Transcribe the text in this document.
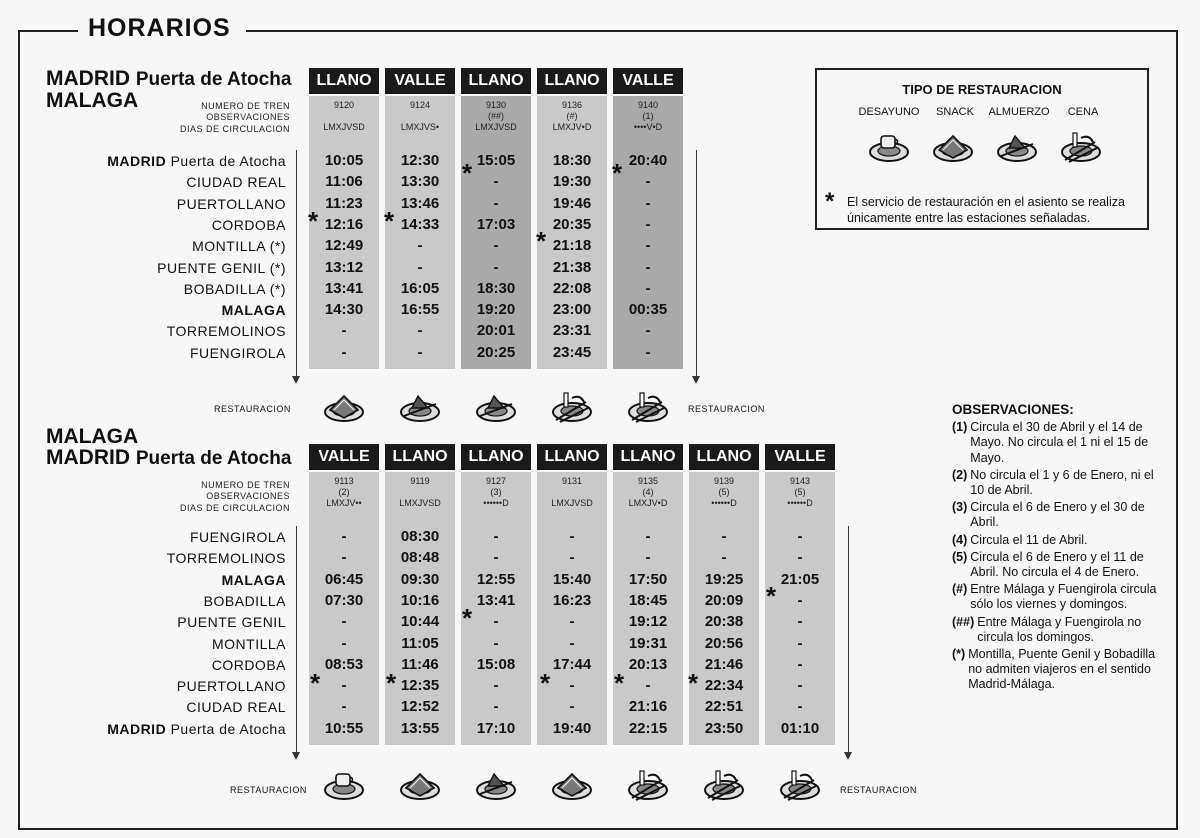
HORARIOS
MADRID Puerta de Atocha
MALAGA	NUMERO DE TREN
OBSERVACIONES
DIAS DE CIRCULACION
LLANO
9120

LMXJVSD
VALLE
9124

LMXJVS•
LLANO
9130
(##)
LMXJVSD
LLANO
9136
(#)
LMXJV•D
VALLE
9140
(1)
••••V•D
MADRID Puerta de Atocha	10:05	12:30	15:05	18:30	20:40
CIUDAD REAL	11:06	13:30	-	19:30	-
PUERTOLLANO	11:23	13:46	-	19:46	-
CORDOBA	12:16	14:33	17:03	20:35	-
MONTILLA (*)	12:49	-	-	21:18	-
PUENTE GENIL (*)	13:12	-	-	21:38	-
BOBADILLA (*)	13:41	16:05	18:30	22:08	-
MALAGA	14:30	16:55	19:20	23:00	00:35
TORREMOLINOS	-	-	20:01	23:31	-
FUENGIROLA	-	-	20:25	23:45	-
RESTAURACION	RESTAURACION
MALAGA
MADRID Puerta de Atocha
NUMERO DE TREN
OBSERVACIONES
DIAS DE CIRCULACION
VALLE
9113
(2)
LMXJV••
LLANO
9119

LMXJVSD
LLANO
9127
(3)
••••••D
LLANO
9131

LMXJVSD
LLANO
9135
(4)
LMXJV•D
LLANO
9139
(5)
••••••D
VALLE
9143
(5)
••••••D
FUENGIROLA	-	08:30	-	-	-	-	-
TORREMOLINOS	-	08:48	-	-	-	-	-
MALAGA	06:45	09:30	12:55	15:40	17:50	19:25	21:05
BOBADILLA	07:30	10:16	13:41	16:23	18:45	20:09	-
PUENTE GENIL	-	10:44	-	-	19:12	20:38	-
MONTILLA	-	11:05	-	-	19:31	20:56	-
CORDOBA	08:53	11:46	15:08	17:44	20:13	21:46	-
PUERTOLLANO	-	12:35	-	-	-	22:34	-
CIUDAD REAL	-	12:52	-	-	21:16	22:51	-
MADRID Puerta de Atocha	10:55	13:55	17:10	19:40	22:15	23:50	01:10
RESTAURACION	RESTAURACION
TIPO DE RESTAURACION
DESAYUNO	SNACK	ALMUERZO	CENA
* El servicio de restauración en el asiento se realiza
únicamente entre las estaciones señaladas.
OBSERVACIONES:
(1) Circula el 30 de Abril y el 14 de Mayo. No circula el 1 ni el 15 de Mayo.
(2) No circula el 1 y 6 de Enero, ni el 10 de Abril.
(3) Circula el 6 de Enero y el 30 de Abril.
(4) Circula el 11 de Abril.
(5) Circula el 6 de Enero y el 11 de Abril. No circula el 4 de Enero.
(#) Entre Málaga y Fuengirola circula sólo los viernes y domingos.
(##) Entre Málaga y Fuengirola no circula los domingos.
(*) Montilla, Puente Genil y Bobadilla no admiten viajeros en el sentido Madrid-Málaga.
*	*
*	*
*
*
*
*	*	* * *
